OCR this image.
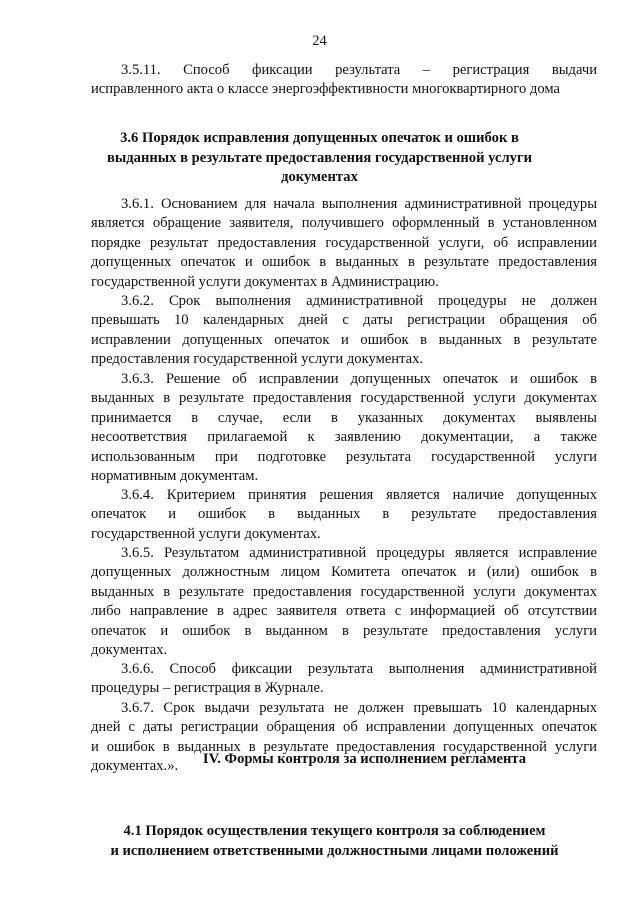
24
3.5.11. Способ фиксации результата – регистрация выдачи
исправленного акта о классе энергоэффективности многоквартирного дома
3.6 Порядок исправления допущенных опечаток и ошибок в
выданных в результате предоставления государственной услуги
документах
3.6.1. Основанием для начала выполнения административной процедуры
является обращение заявителя, получившего оформленный в установленном
порядке результат предоставления государственной услуги, об исправлении
допущенных опечаток и ошибок в выданных в результате предоставления
государственной услуги документах в Администрацию.
3.6.2. Срок выполнения административной процедуры не должен
превышать 10 календарных дней с даты регистрации обращения об
исправлении допущенных опечаток и ошибок в выданных в результате
предоставления государственной услуги документах.
3.6.3. Решение об исправлении допущенных опечаток и ошибок в
выданных в результате предоставления государственной услуги документах
принимается в случае, если в указанных документах выявлены
несоответствия прилагаемой к заявлению документации, а также
использованным при подготовке результата государственной услуги
нормативным документам.
3.6.4. Критерием принятия решения является наличие допущенных
опечаток и ошибок в выданных в результате предоставления
государственной услуги документах.
3.6.5. Результатом административной процедуры является исправление
допущенных должностным лицом Комитета опечаток и (или) ошибок в
выданных в результате предоставления государственной услуги документах
либо направление в адрес заявителя ответа с информацией об отсутствии
опечаток и ошибок в выданном в результате предоставления услуги
документах.
3.6.6. Способ фиксации результата выполнения административной
процедуры – регистрация в Журнале.
3.6.7. Срок выдачи результата не должен превышать 10 календарных
дней с даты регистрации обращения об исправлении допущенных опечаток
и ошибок в выданных в результате предоставления государственной услуги
документах.».	IV. Формы контроля за исполнением регламента
4.1 Порядок осуществления текущего контроля за соблюдением
и исполнением ответственными должностными лицами положений
